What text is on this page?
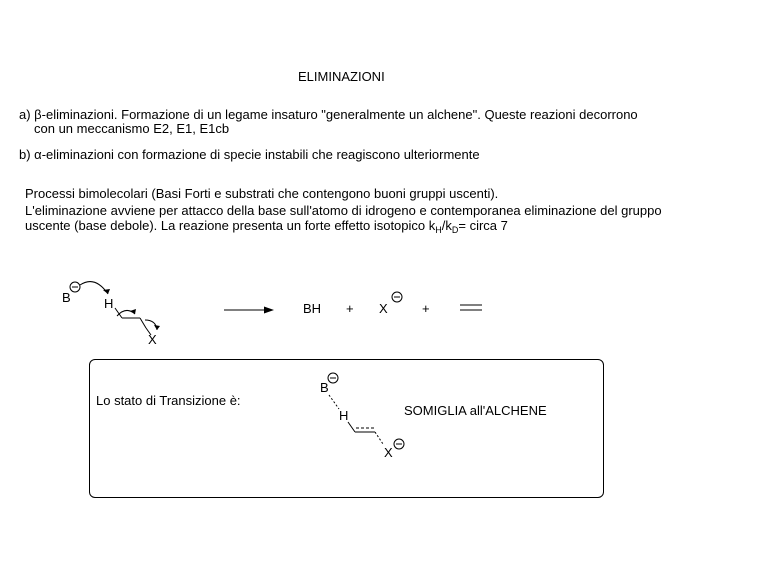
ELIMINAZIONI
a) β-eliminazioni. Formazione di un legame insaturo "generalmente un alchene". Queste reazioni decorrono
con un meccanismo E2, E1, E1cb
b) α-eliminazioni con formazione di specie instabili che reagiscono ulteriormente
Processi bimolecolari (Basi Forti e substrati che contengono buoni gruppi uscenti).
L'eliminazione avviene per attacco della base sull'atomo di idrogeno e contemporanea eliminazione del gruppo
uscente (base debole). La reazione presenta un forte effetto isotopico $k_H/k_D=$ circa 7
B	H
X
BH + X	+
Lo stato di Transizione è:
B
H
X
SOMIGLIA all'ALCHENE
